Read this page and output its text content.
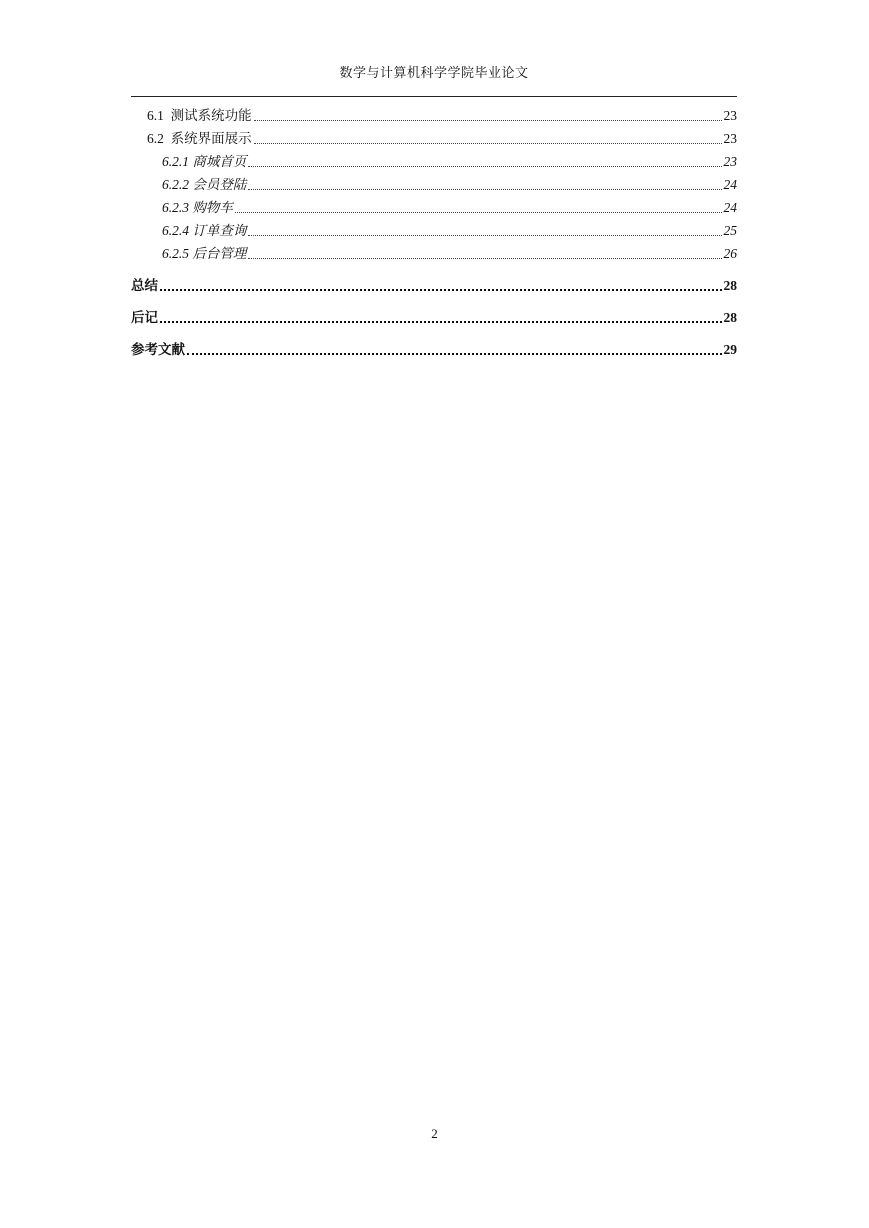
数学与计算机科学学院毕业论文
6.1  测试系统功能	23
6.2  系统界面展示	23
6.2.1 商城首页	23
6.2.2 会员登陆	24
6.2.3 购物车	24
6.2.4 订单查询	25
6.2.5 后台管理	26
总结	28
后记	28
参考文献	29
2
